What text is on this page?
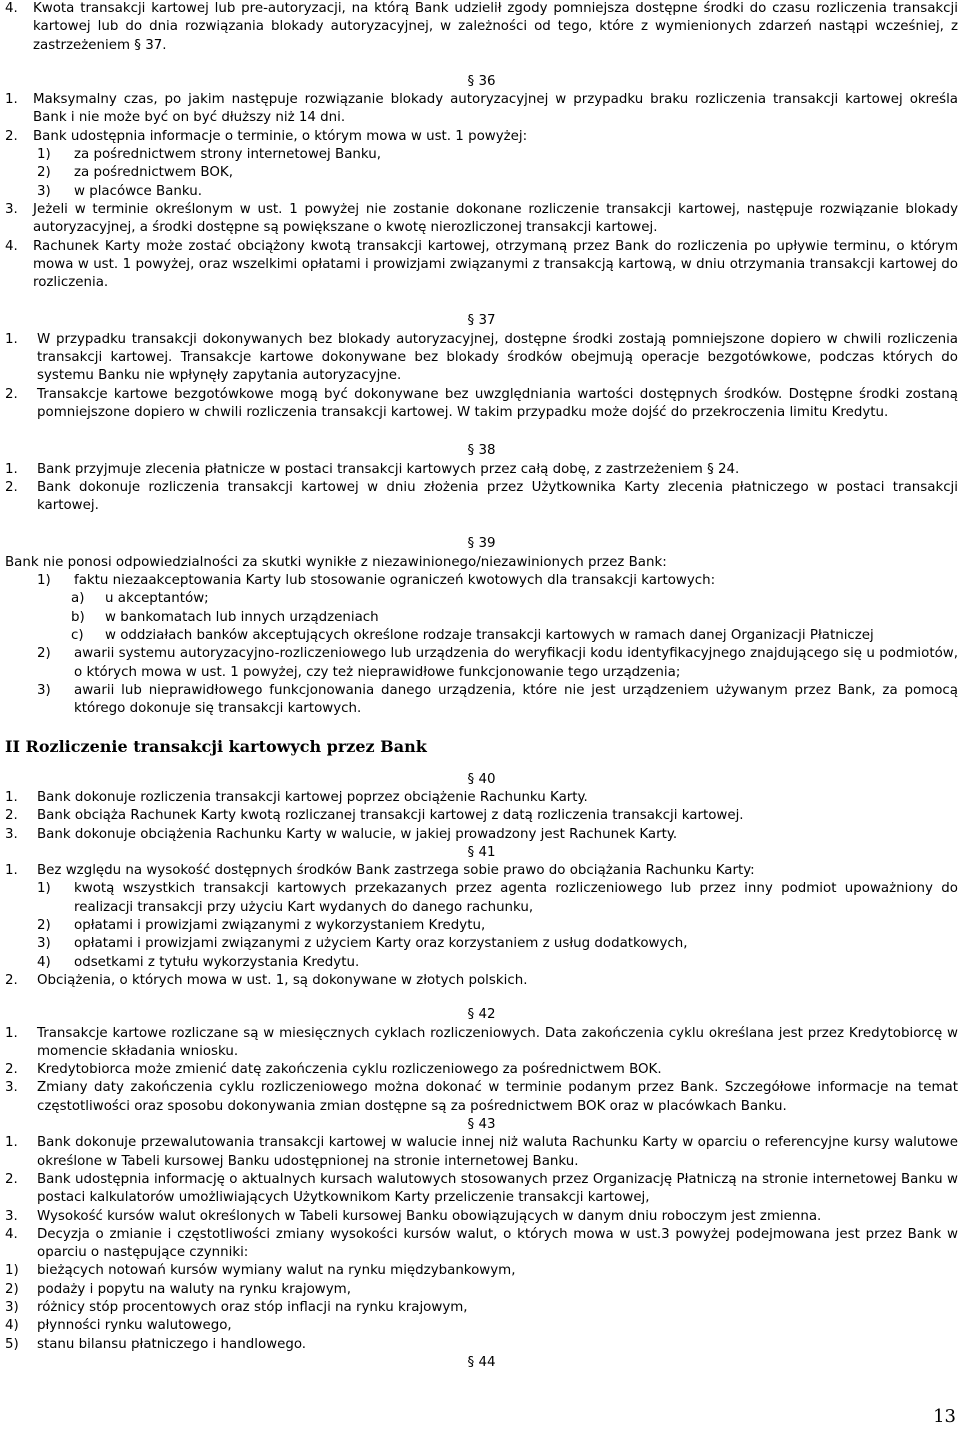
4.	Kwota transakcji kartowej lub pre-autoryzacji, na którą Bank udzielił zgody pomniejsza dostępne środki do czasu rozliczenia transakcji kartowej lub do dnia rozwiązania blokady autoryzacyjnej, w zależności od tego, które z wymienionych zdarzeń nastąpi wcześniej, z zastrzeżeniem § 37.
§ 36
1.	Maksymalny czas, po jakim następuje rozwiązanie blokady autoryzacyjnej w przypadku braku rozliczenia transakcji kartowej określa Bank i nie może być on być dłuższy niż 14 dni.
2.	Bank udostępnia informacje o terminie, o którym mowa w ust. 1 powyżej:
1)	za pośrednictwem strony internetowej Banku,
2)	za pośrednictwem BOK,
3)	w placówce Banku.
3.	Jeżeli w terminie określonym w ust. 1 powyżej nie zostanie dokonane rozliczenie transakcji kartowej, następuje rozwiązanie blokady autoryzacyjnej, a środki dostępne są powiększane o kwotę nierozliczonej transakcji kartowej.
4.	Rachunek Karty może zostać obciążony kwotą transakcji kartowej, otrzymaną przez Bank do rozliczenia po upływie terminu, o którym mowa w ust. 1 powyżej, oraz wszelkimi opłatami i prowizjami związanymi z transakcją kartową, w dniu otrzymania transakcji kartowej do rozliczenia.
§ 37
1.	W przypadku transakcji dokonywanych bez blokady autoryzacyjnej, dostępne środki zostają pomniejszone dopiero w chwili rozliczenia transakcji kartowej. Transakcje kartowe dokonywane bez blokady środków obejmują operacje bezgotówkowe, podczas których do systemu Banku nie wpłynęły zapytania autoryzacyjne.
2.	Transakcje kartowe bezgotówkowe mogą być dokonywane bez uwzględniania wartości dostępnych środków. Dostępne środki zostaną pomniejszone dopiero w chwili rozliczenia transakcji kartowej. W takim przypadku może dojść do przekroczenia limitu Kredytu.
§ 38
1.	Bank przyjmuje zlecenia płatnicze w postaci transakcji kartowych przez całą dobę, z zastrzeżeniem § 24.
2.	Bank dokonuje rozliczenia transakcji kartowej w dniu złożenia przez Użytkownika Karty zlecenia płatniczego w postaci transakcji kartowej.
§ 39
Bank nie ponosi odpowiedzialności za skutki wynikłe z niezawinionego/niezawinionych przez Bank:
1)	faktu niezaakceptowania Karty lub stosowanie ograniczeń kwotowych dla transakcji kartowych:
a)	u akceptantów;
b)	w bankomatach lub innych urządzeniach
c)	w oddziałach banków akceptujących określone rodzaje transakcji kartowych w ramach danej Organizacji Płatniczej
2)	awarii systemu autoryzacyjno-rozliczeniowego lub urządzenia do weryfikacji kodu identyfikacyjnego znajdującego się u podmiotów, o których mowa w ust. 1 powyżej, czy też nieprawidłowe funkcjonowanie tego urządzenia;
3)	awarii lub nieprawidłowego funkcjonowania danego urządzenia, które nie jest urządzeniem używanym przez Bank, za pomocą którego dokonuje się transakcji kartowych.
II Rozliczenie transakcji kartowych przez Bank
§ 40
1.	Bank dokonuje rozliczenia transakcji kartowej poprzez obciążenie Rachunku Karty.
2.	Bank obciąża Rachunek Karty kwotą rozliczanej transakcji kartowej z datą rozliczenia transakcji kartowej.
3.	Bank dokonuje obciążenia Rachunku Karty w walucie, w jakiej prowadzony jest Rachunek Karty.
§ 41
1.	Bez względu na wysokość dostępnych środków Bank zastrzega sobie prawo do obciążania Rachunku Karty:
1)	kwotą wszystkich transakcji kartowych przekazanych przez agenta rozliczeniowego lub przez inny podmiot upoważniony do realizacji transakcji przy użyciu Kart wydanych do danego rachunku,
2)	opłatami i prowizjami związanymi z wykorzystaniem Kredytu,
3)	opłatami i prowizjami związanymi z użyciem Karty oraz korzystaniem z usług dodatkowych,
4)	odsetkami z tytułu wykorzystania Kredytu.
2.	Obciążenia, o których mowa w ust. 1, są dokonywane w złotych polskich.
§ 42
1.	Transakcje kartowe rozliczane są w miesięcznych cyklach rozliczeniowych. Data zakończenia cyklu określana jest przez Kredytobiorcę w momencie składania wniosku.
2.	Kredytobiorca może zmienić datę zakończenia cyklu rozliczeniowego za pośrednictwem BOK.
3.	Zmiany daty zakończenia cyklu rozliczeniowego można dokonać w terminie podanym przez Bank. Szczegółowe informacje na temat częstotliwości oraz sposobu dokonywania zmian dostępne są za pośrednictwem BOK oraz w placówkach Banku.
§ 43
1.	Bank dokonuje przewalutowania transakcji kartowej w walucie innej niż waluta Rachunku Karty w oparciu o referencyjne kursy walutowe określone w Tabeli kursowej Banku udostępnionej na stronie internetowej Banku.
2.	Bank udostępnia informację o aktualnych kursach walutowych stosowanych przez Organizację Płatniczą na stronie internetowej Banku w postaci kalkulatorów umożliwiających Użytkownikom Karty przeliczenie transakcji kartowej,
3.	Wysokość kursów walut określonych w Tabeli kursowej Banku obowiązujących w danym dniu roboczym jest zmienna.
4.	Decyzja o zmianie i częstotliwości zmiany wysokości kursów walut, o których mowa w ust.3 powyżej podejmowana jest przez Bank w oparciu o następujące czynniki:
1)	bieżących notowań kursów wymiany walut na rynku międzybankowym,
2)	podaży i popytu na waluty na rynku krajowym,
3)	różnicy stóp procentowych oraz stóp inflacji na rynku krajowym,
4)	płynności rynku walutowego,
5)	stanu bilansu płatniczego i handlowego.
§ 44
13
